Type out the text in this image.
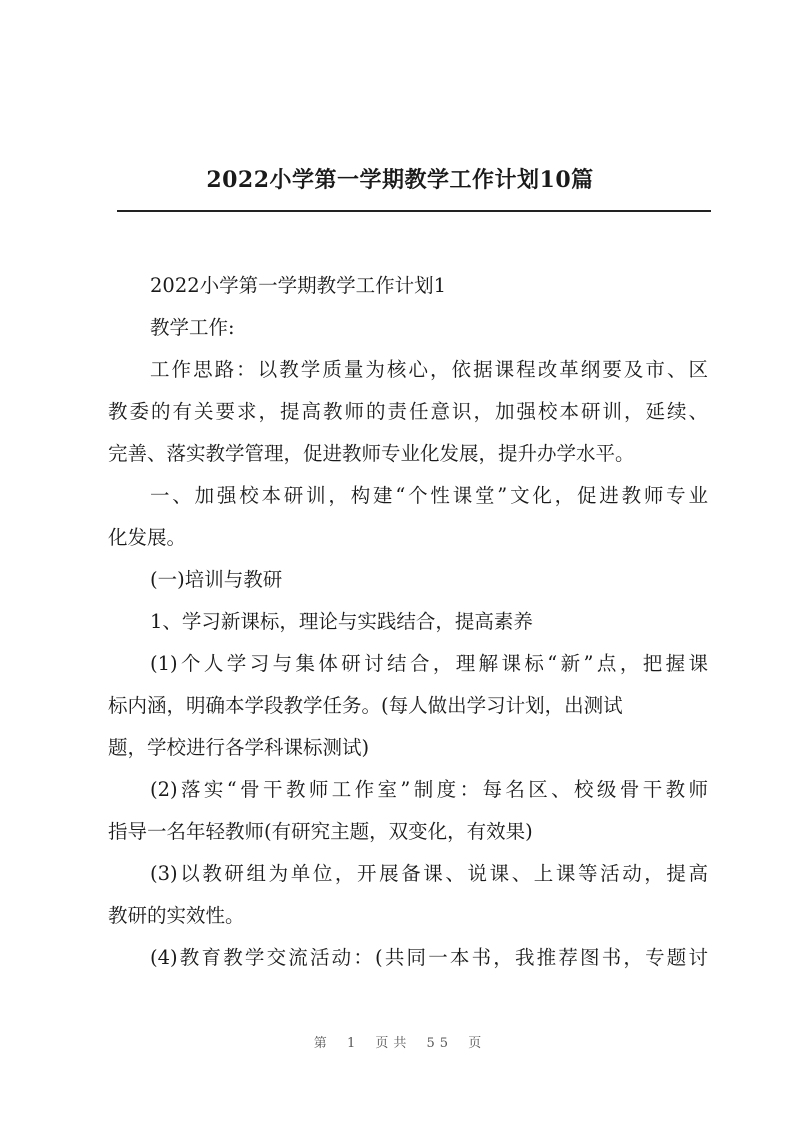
2022小学第一学期教学工作计划10篇
2022小学第一学期教学工作计划1
教学工作:
工作思路：以教学质量为核心，依据课程改革纲要及市、区
教委的有关要求，提高教师的责任意识，加强校本研训，延续、
完善、落实教学管理，促进教师专业化发展，提升办学水平。
一、加强校本研训，构建“个性课堂”文化，促进教师专业
化发展。
(一)培训与教研
1、学习新课标，理论与实践结合，提高素养
(1)个人学习与集体研讨结合，理解课标“新”点，把握课
标内涵，明确本学段教学任务。(每人做出学习计划，出测试
题，学校进行各学科课标测试)
(2)落实“骨干教师工作室”制度：每名区、校级骨干教师
指导一名年轻教师(有研究主题，双变化，有效果)
(3)以教研组为单位，开展备课、说课、上课等活动，提高
教研的实效性。
(4)教育教学交流活动：(共同一本书，我推荐图书，专题讨
第 1 页共 55 页
